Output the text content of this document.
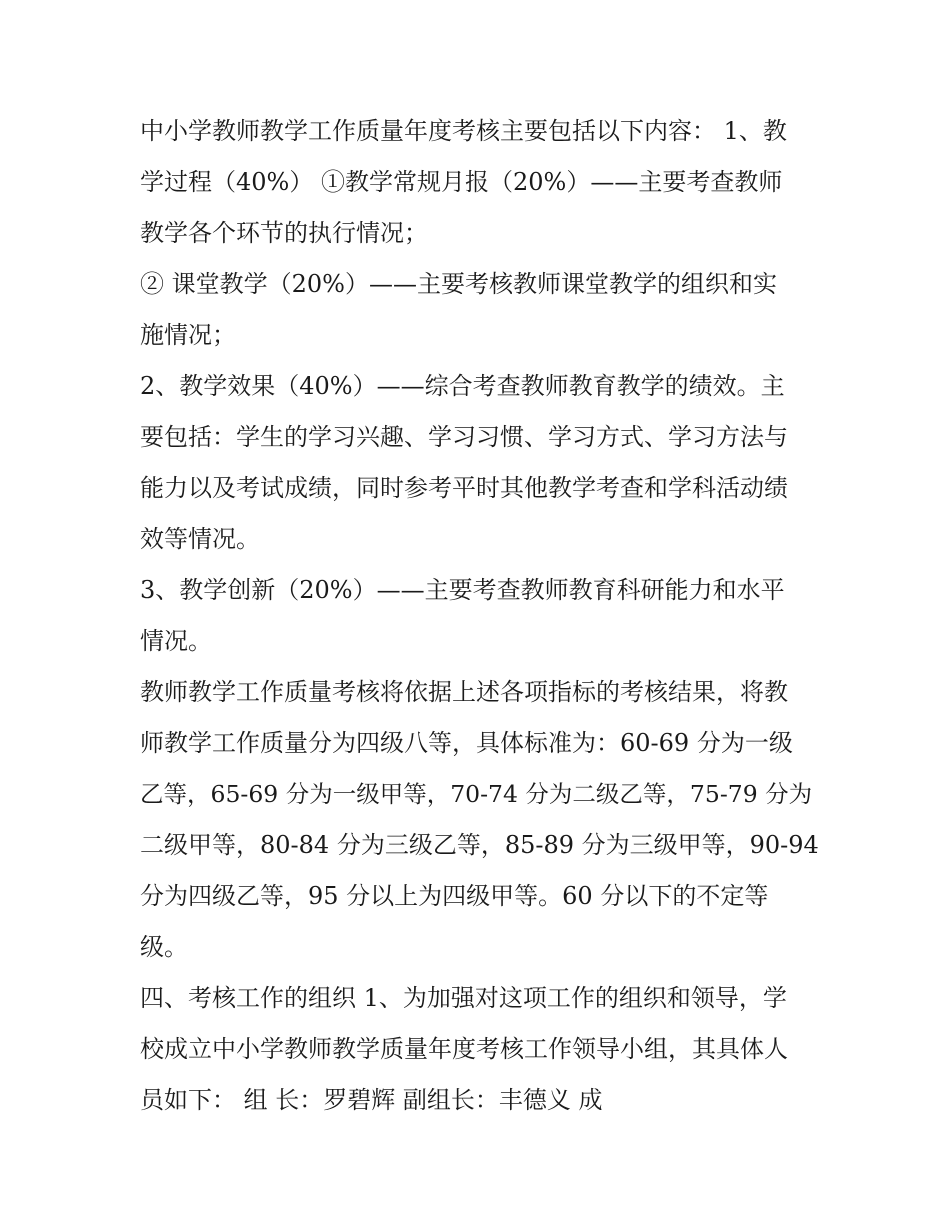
中小学教师教学工作质量年度考核主要包括以下内容： 1、教

学过程（40%） ①教学常规月报（20%）——主要考查教师

教学各个环节的执行情况；

② 课堂教学（20%）——主要考核教师课堂教学的组织和实

施情况；

2、教学效果（40%）——综合考查教师教育教学的绩效。主

要包括：学生的学习兴趣、学习习惯、学习方式、学习方法与

能力以及考试成绩，同时参考平时其他教学考查和学科活动绩

效等情况。

3、教学创新（20%）——主要考查教师教育科研能力和水平

情况。

教师教学工作质量考核将依据上述各项指标的考核结果，将教

师教学工作质量分为四级八等，具体标准为：60-69 分为一级

乙等，65-69 分为一级甲等，70-74 分为二级乙等，75-79 分为

二级甲等，80-84 分为三级乙等，85-89 分为三级甲等，90-94

分为四级乙等，95 分以上为四级甲等。60 分以下的不定等

级。

四、考核工作的组织 1、为加强对这项工作的组织和领导，学

校成立中小学教师教学质量年度考核工作领导小组，其具体人

员如下： 组 长：罗碧辉 副组长：丰德义 成
